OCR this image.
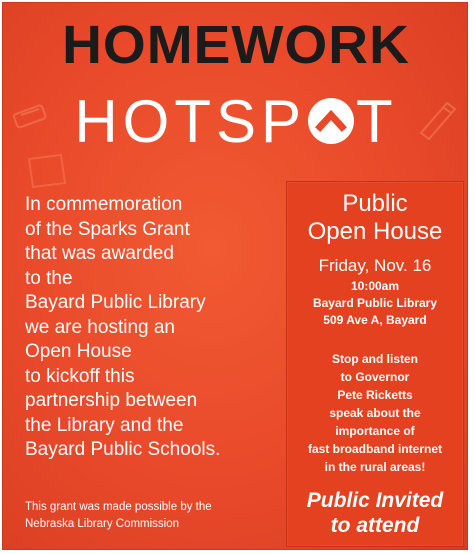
HOMEWORK
HOTSP T
In commemoration
of the Sparks Grant
that was awarded
to the
Bayard Public Library
we are hosting an
Open House
to kickoff this
partnership between
the Library and the
Bayard Public Schools.
This grant was made possible by the
Nebraska Library Commission
Public
Open House
Friday, Nov. 16
10:00am
Bayard Public Library
509 Ave A, Bayard
Stop and listen
to Governor
Pete Ricketts
speak about the
importance of
fast broadband internet
in the rural areas!
Public Invited
to attend
